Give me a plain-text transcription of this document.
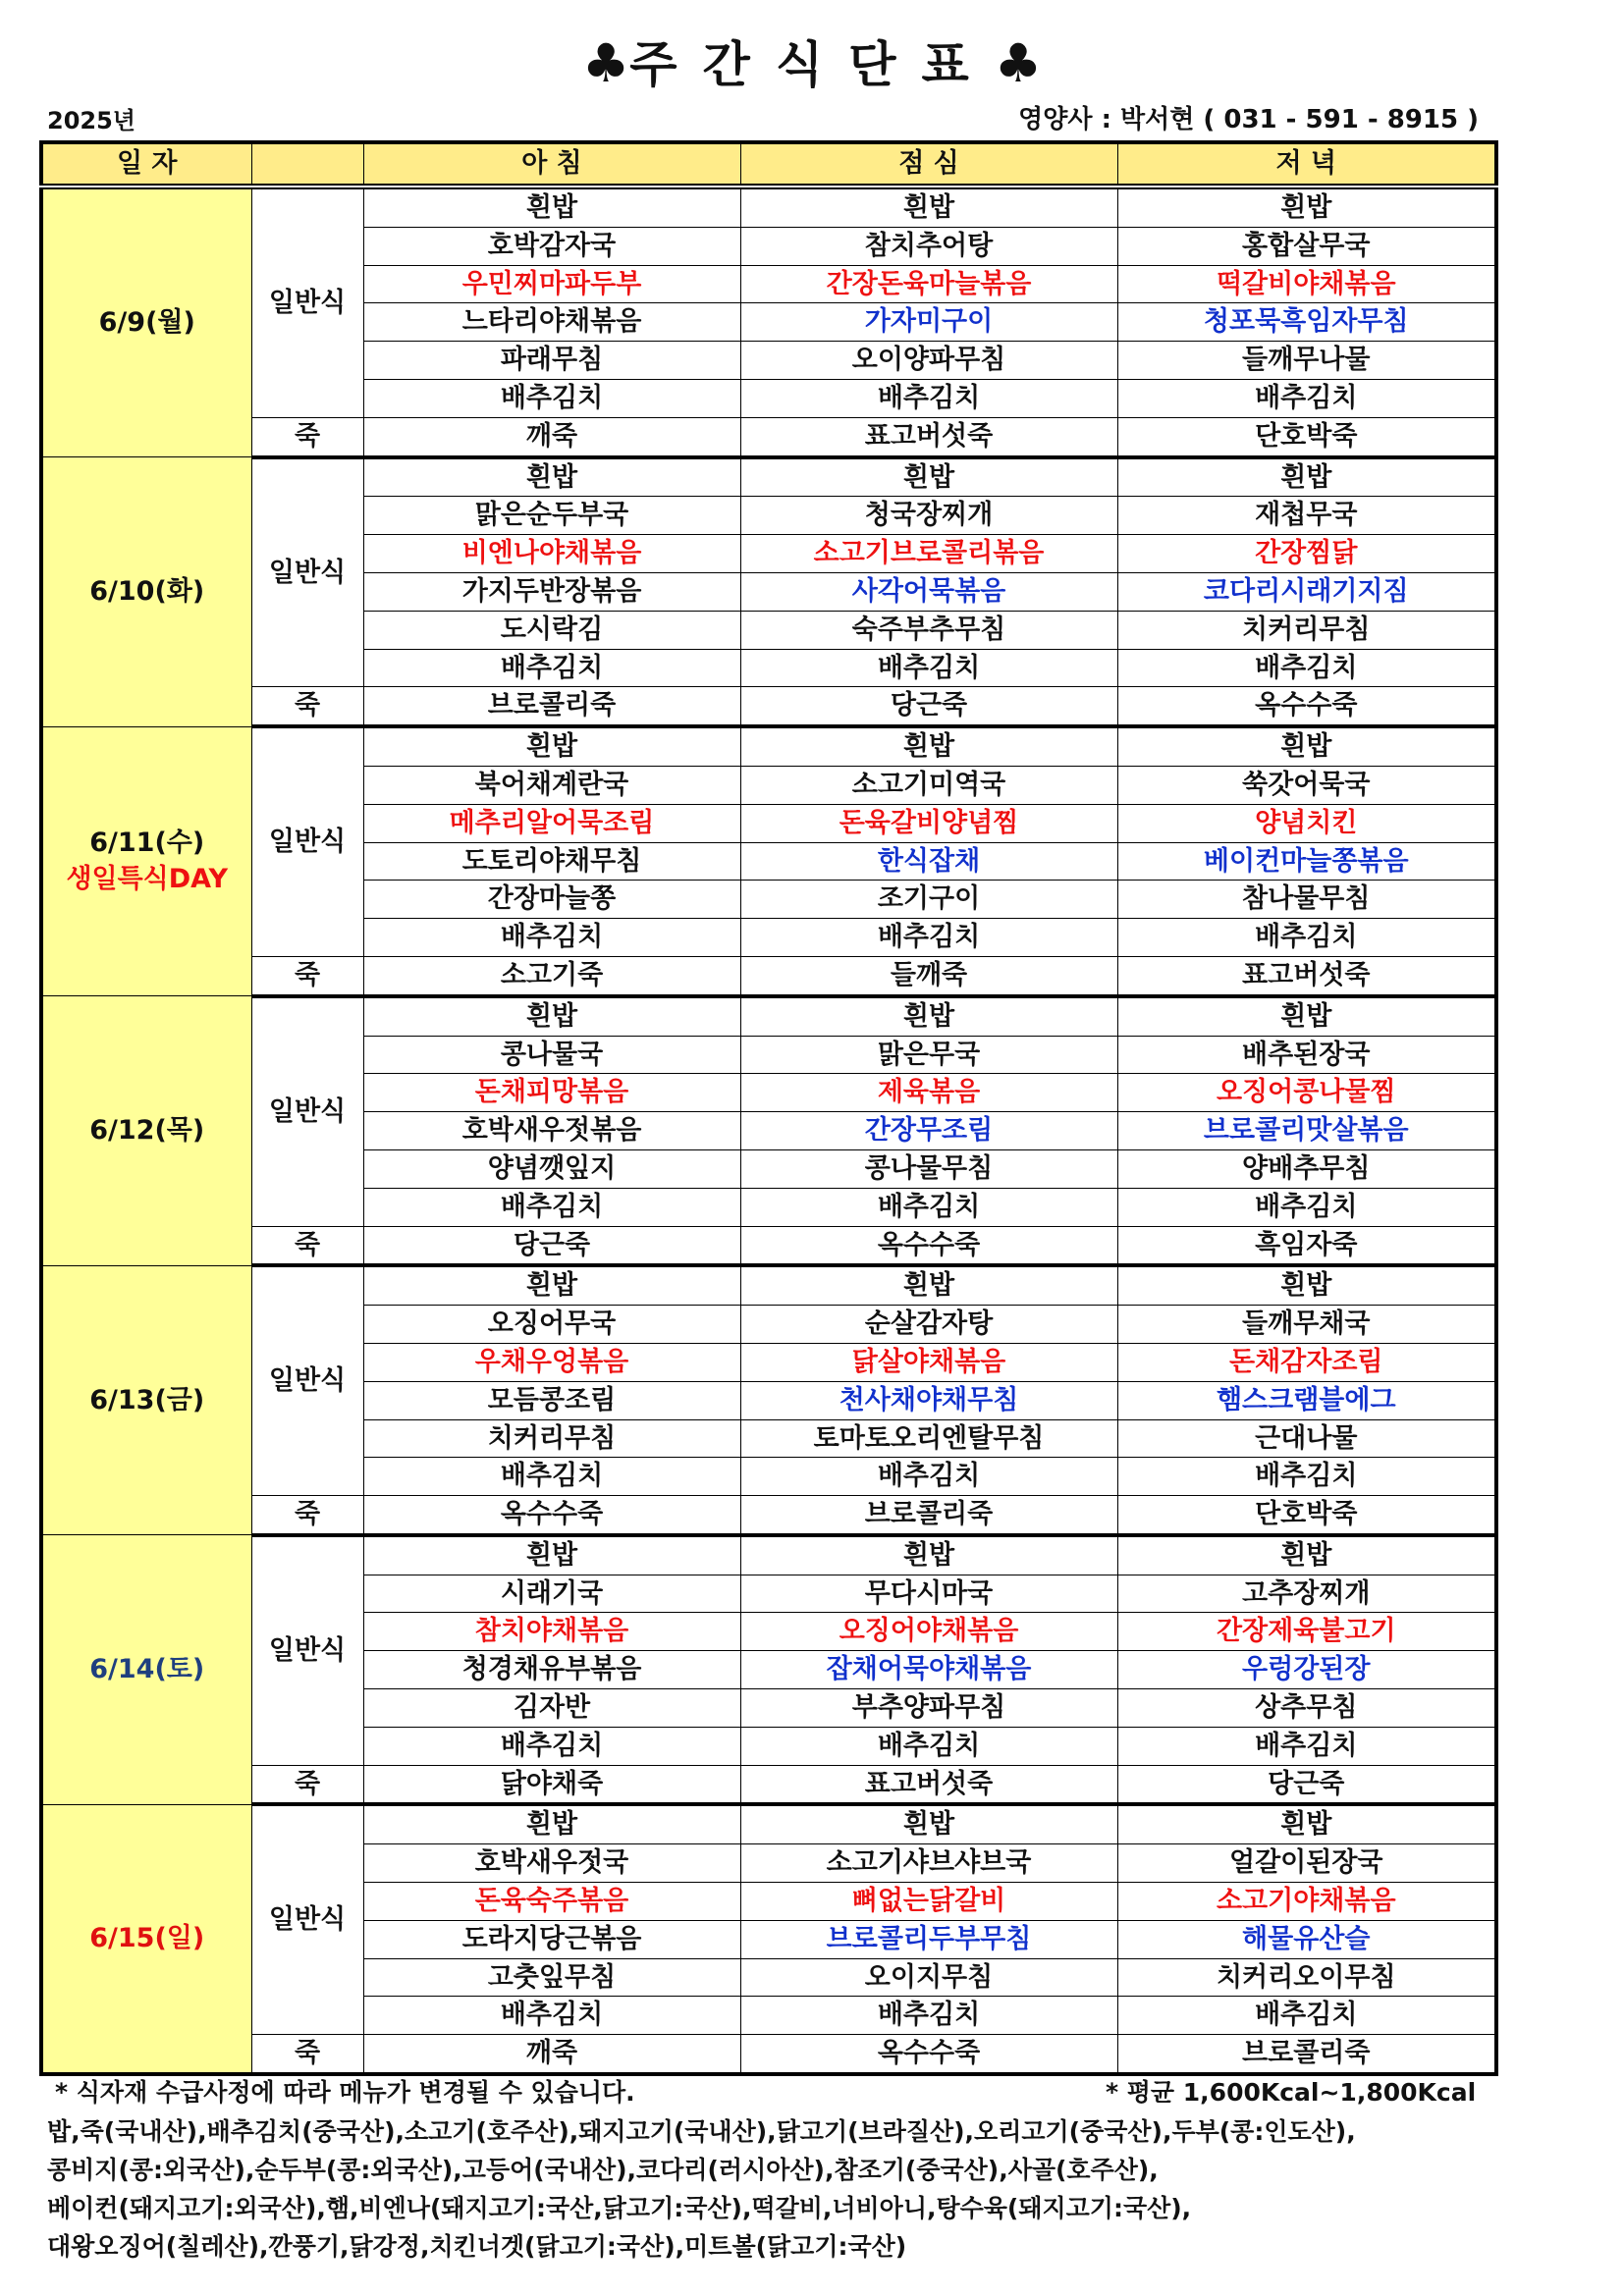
♣주간식단표♣
2025년	영양사 : 박서현 ( 031 - 591 - 8915 )
일 자		아 침	점 심	저 녁
6/9(월)	일반식	흰밥	흰밥	흰밥
		호박감자국	참치추어탕	홍합살무국
		우민찌마파두부	간장돈육마늘볶음	떡갈비야채볶음
		느타리야채볶음	가자미구이	청포묵흑임자무침
		파래무침	오이양파무침	들깨무나물
		배추김치	배추김치	배추김치
	죽	깨죽	표고버섯죽	단호박죽
6/10(화)	일반식	흰밥	흰밥	흰밥
		맑은순두부국	청국장찌개	재첩무국
		비엔나야채볶음	소고기브로콜리볶음	간장찜닭
		가지두반장볶음	사각어묵볶음	코다리시래기지짐
		도시락김	숙주부추무침	치커리무침
		배추김치	배추김치	배추김치
	죽	브로콜리죽	당근죽	옥수수죽
6/11(수)
생일특식DAY	일반식	흰밥	흰밥	흰밥
		북어채계란국	소고기미역국	쑥갓어묵국
		메추리알어묵조림	돈육갈비양념찜	양념치킨
		도토리야채무침	한식잡채	베이컨마늘쫑볶음
		간장마늘쫑	조기구이	참나물무침
		배추김치	배추김치	배추김치
	죽	소고기죽	들깨죽	표고버섯죽
6/12(목)	일반식	흰밥	흰밥	흰밥
		콩나물국	맑은무국	배추된장국
		돈채피망볶음	제육볶음	오징어콩나물찜
		호박새우젓볶음	간장무조림	브로콜리맛살볶음
		양념깻잎지	콩나물무침	양배추무침
		배추김치	배추김치	배추김치
	죽	당근죽	옥수수죽	흑임자죽
6/13(금)	일반식	흰밥	흰밥	흰밥
		오징어무국	순살감자탕	들깨무채국
		우채우엉볶음	닭살야채볶음	돈채감자조림
		모듬콩조림	천사채야채무침	햄스크램블에그
		치커리무침	토마토오리엔탈무침	근대나물
		배추김치	배추김치	배추김치
	죽	옥수수죽	브로콜리죽	단호박죽
6/14(토)	일반식	흰밥	흰밥	흰밥
		시래기국	무다시마국	고추장찌개
		참치야채볶음	오징어야채볶음	간장제육불고기
		청경채유부볶음	잡채어묵야채볶음	우렁강된장
		김자반	부추양파무침	상추무침
		배추김치	배추김치	배추김치
	죽	닭야채죽	표고버섯죽	당근죽
6/15(일)	일반식	흰밥	흰밥	흰밥
		호박새우젓국	소고기샤브샤브국	얼갈이된장국
		돈육숙주볶음	뼈없는닭갈비	소고기야채볶음
		도라지당근볶음	브로콜리두부무침	해물유산슬
		고춧잎무침	오이지무침	치커리오이무침
		배추김치	배추김치	배추김치
	죽	깨죽	옥수수죽	브로콜리죽
* 식자재 수급사정에 따라 메뉴가 변경될 수 있습니다.	* 평균 1,600Kcal~1,800Kcal
밥,죽(국내산),배추김치(중국산),소고기(호주산),돼지고기(국내산),닭고기(브라질산),오리고기(중국산),두부(콩:인도산),
콩비지(콩:외국산),순두부(콩:외국산),고등어(국내산),코다리(러시아산),참조기(중국산),사골(호주산),
베이컨(돼지고기:외국산),햄,비엔나(돼지고기:국산,닭고기:국산),떡갈비,너비아니,탕수육(돼지고기:국산),
대왕오징어(칠레산),깐풍기,닭강정,치킨너겟(닭고기:국산),미트볼(닭고기:국산)
